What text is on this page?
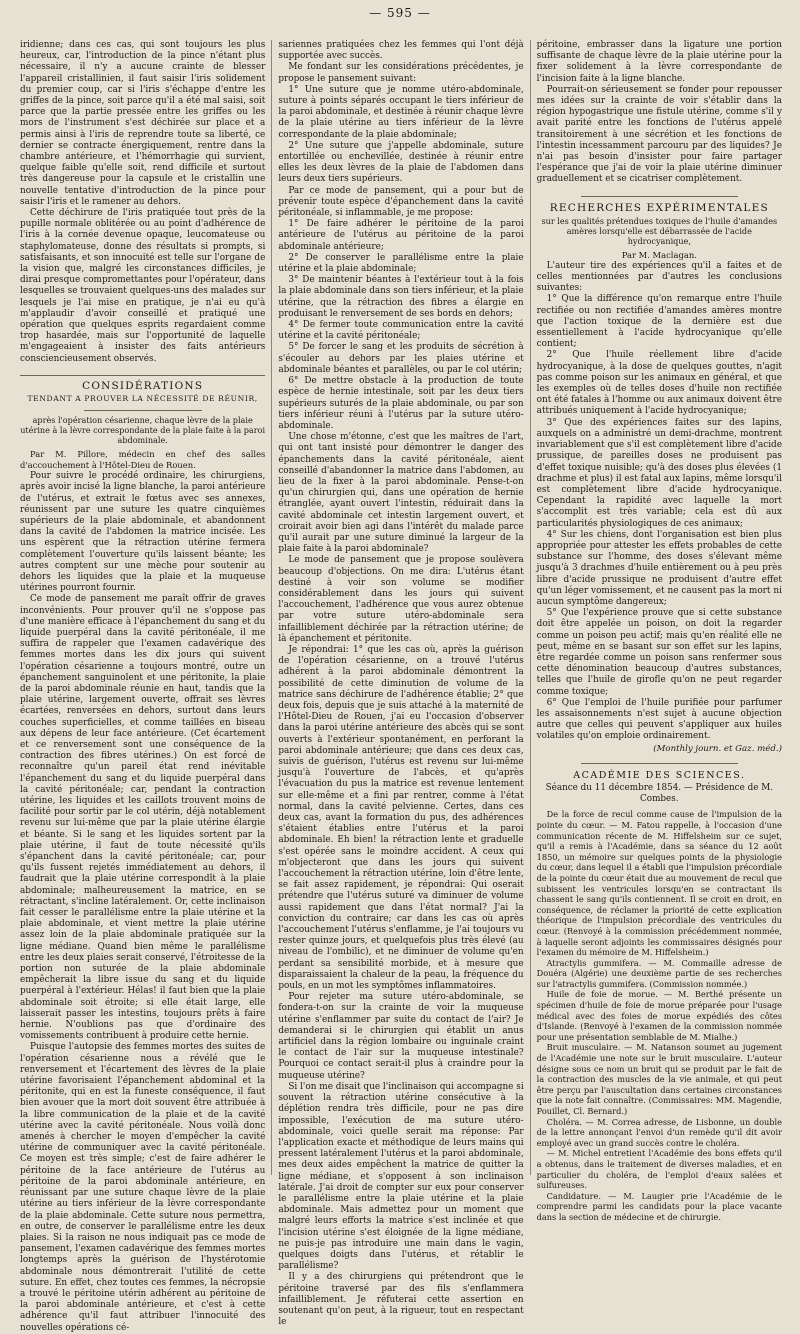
— 595 —

iridienne; dans ces cas, qui sont toujours les plus heureux, car, l'introduction de la pince n'étant plus nécessaire, il n'y a aucune crainte de blesser l'appareil cristallinien, il faut saisir l'iris solidement du premier coup, car si l'iris s'échappe d'entre les griffes de la pince, soit parce qu'il a été mal saisi, soit parce que la partie pressée entre les griffes ou les mors de l'instrument s'est déchirée sur place et a permis ainsi à l'iris de reprendre toute sa liberté, ce dernier se contracte énergiquement, rentre dans la chambre antérieure, et l'hémorrhagie qui survient, quelque faible qu'elle soit, rend difficile et surtout très dangereuse pour la capsule et le cristallin une nouvelle tentative d'introduction de la pince pour saisir l'iris et le ramener au dehors.

Cette déchirure de l'iris pratiquée tout près de la pupille normale oblitérée ou au point d'adhérence de l'iris à la cornée devenue opaque, leucomateuse ou staphylomateuse, donne des résultats si prompts, si satisfaisants, et son innocuité est telle sur l'organe de la vision que, malgré les circonstances difficiles, je dirai presque compromettantes pour l'opérateur, dans lesquelles se trouvaient quelques-uns des malades sur lesquels je l'ai mise en pratique, je n'ai eu qu'à m'applaudir d'avoir conseillé et pratiqué une opération que quelques esprits regardaient comme trop hasardée, mais sur l'opportunité de laquelle m'engageaient à insister des faits antérieurs consciencieusement observés.

CONSIDÉRATIONS
TENDANT A PROUVER LA NÉCESSITÉ DE RÉUNIR,
après l'opération césarienne, chaque lèvre de la plaie utérine à la lèvre correspondante de la plaie faite à la paroi abdominale.

Par M. Pillore, médecin en chef des salles d'accouchement à l'Hôtel-Dieu de Rouen.

Pour suivre le procédé ordinaire, les chirurgiens, après avoir incisé la ligne blanche, la paroi antérieure de l'utérus, et extrait le fœtus avec ses annexes, réunissent par une suture les quatre cinquièmes supérieurs de la plaie abdominale, et abandonnent dans la cavité de l'abdomen la matrice incisée. Les uns espèrent que la rétraction utérine fermera complètement l'ouverture qu'ils laissent béante; les autres comptent sur une mèche pour soutenir au dehors les liquides que la plaie et la muqueuse utérines pourront fournir.

Ce mode de pansement me paraît offrir de graves inconvénients. Pour prouver qu'il ne s'oppose pas d'une manière efficace à l'épanchement du sang et du liquide puerpéral dans la cavité péritonéale, il me suffira de rappeler que l'examen cadavérique des femmes mortes dans les dix jours qui suivent l'opération césarienne a toujours montré, outre un épanchement sanguinolent et une péritonite, la plaie de la paroi abdominale réunie en haut, tandis que la plaie utérine, largement ouverte, offrait ses lèvres écartées, renversées en dehors, surtout dans leurs couches superficielles, et comme taillées en biseau aux dépens de leur face antérieure. (Cet écartement et ce renversement sont une conséquence de la contraction des fibres utérines.) On est forcé de reconnaître qu'un pareil état rend inévitable l'épanchement du sang et du liquide puerpéral dans la cavité péritonéale; car, pendant la contraction utérine, les liquides et les caillots trouvent moins de facilité pour sortir par le col utérin, déjà notablement revenu sur lui-même que par la plaie utérine élargie et béante. Si le sang et les liquides sortent par la plaie utérine, il faut de toute nécessité qu'ils s'épanchent dans la cavité péritonéale; car, pour qu'ils fussent rejetés immédiatement au dehors, il faudrait que la plaie utérine correspondît à la plaie abdominale; malheureusement la matrice, en se rétractant, s'incline latéralement. Or, cette inclinaison fait cesser le parallélisme entre la plaie utérine et la plaie abdominale, et vient mettre la plaie utérine assez loin de la plaie abdominale pratiquée sur la ligne médiane. Quand bien même le parallélisme entre les deux plaies serait conservé, l'étroitesse de la portion non suturée de la plaie abdominale empêcherait la libre issue du sang et du liquide puerpéral à l'extérieur. Hélas! il faut bien que la plaie abdominale soit étroite; si elle était large, elle laisserait passer les intestins, toujours prêts à faire hernie. N'oublions pas que d'ordinaire des vomissements contribuent à produire cette hernie.

Puisque l'autopsie des femmes mortes des suites de l'opération césarienne nous a révélé que le renversement et l'écartement des lèvres de la plaie utérine favorisaient l'épanchement abdominal et la péritonite, qui en est la funeste conséquence, il faut bien avouer que la mort doit souvent être attribuée à la libre communication de la plaie et de la cavité utérine avec la cavité péritonéale. Nous voilà donc amenés à chercher le moyen d'empêcher la cavité utérine de communiquer avec la cavité péritonéale. Ce moyen est très simple; c'est de faire adhérer le péritoine de la face antérieure de l'utérus au péritoine de la paroi abdominale antérieure, en réunissant par une suture chaque lèvre de la plaie utérine au tiers inférieur de la lèvre correspondante de la plaie abdominale. Cette suture nous permettra, en outre, de conserver le parallélisme entre les deux plaies. Si la raison ne nous indiquait pas ce mode de pansement, l'examen cadavérique des femmes mortes longtemps après la guérison de l'hystérotomie abdominale nous démontrerait l'utilité de cette suture. En effet, chez toutes ces femmes, la nécropsie a trouvé le péritoine utérin adhérent au péritoine de la paroi abdominale antérieure, et c'est à cette adhérence qu'il faut attribuer l'innocuité des nouvelles opérations cé-

sariennes pratiquées chez les femmes qui l'ont déjà supportée avec succès.

Me fondant sur les considérations précédentes, je propose le pansement suivant:

1° Une suture que je nomme utéro-abdominale, suture à points séparés occupant le tiers inférieur de la paroi abdominale, et destinée à réunir chaque lèvre de la plaie utérine au tiers inférieur de la lèvre correspondante de la plaie abdominale;

2° Une suture que j'appelle abdominale, suture entortillée ou enchevillée, destinée à réunir entre elles les deux lèvres de la plaie de l'abdomen dans leurs deux tiers supérieurs.

Par ce mode de pansement, qui a pour but de prévenir toute espèce d'épanchement dans la cavité péritonéale, si inflammable, je me propose:

1° De faire adhérer le péritoine de la paroi antérieure de l'utérus au péritoine de la paroi abdominale antérieure;

2° De conserver le parallélisme entre la plaie utérine et la plaie abdominale;

3° De maintenir béantes à l'extérieur tout à la fois la plaie abdominale dans son tiers inférieur, et la plaie utérine, que la rétraction des fibres a élargie en produisant le renversement de ses bords en dehors;

4° De fermer toute communication entre la cavité utérine et la cavité péritonéale;

5° De forcer le sang et les produits de sécrétion à s'écouler au dehors par les plaies utérine et abdominale béantes et parallèles, ou par le col utérin;

6° De mettre obstacle à la production de toute espèce de hernie intestinale, soit par les deux tiers supérieurs suturés de la plaie abdominale, ou par son tiers inférieur réuni à l'utérus par la suture utéro-abdominale.

Une chose m'étonne, c'est que les maîtres de l'art, qui ont tant insisté pour démontrer le danger des épanchements dans la cavité péritonéale, aient conseillé d'abandonner la matrice dans l'abdomen, au lieu de la fixer à la paroi abdominale. Pense-t-on qu'un chirurgien qui, dans une opération de hernie étranglée, ayant ouvert l'intestin, réduirait dans la cavité abdominale cet intestin largement ouvert, et croirait avoir bien agi dans l'intérêt du malade parce qu'il aurait par une suture diminué la largeur de la plaie faite à la paroi abdominale?

Le mode de pansement que je propose soulèvera beaucoup d'objections. On me dira: L'utérus étant destiné à voir son volume se modifier considérablement dans les jours qui suivent l'accouchement, l'adhérence que vous aurez obtenue par votre suture utéro-abdominale sera infailliblement déchirée par la rétraction utérine; de là épanchement et péritonite.

Je répondrai: 1° que les cas où, après la guérison de l'opération césarienne, on a trouvé l'utérus adhérent à la paroi abdominale démontrent la possibilité de cette diminution de volume de la matrice sans déchirure de l'adhérence établie; 2° que deux fois, depuis que je suis attaché à la maternité de l'Hôtel-Dieu de Rouen, j'ai eu l'occasion d'observer dans la paroi utérine antérieure des abcès qui se sont ouverts à l'extérieur spontanément, en perforant la paroi abdominale antérieure; que dans ces deux cas, suivis de guérison, l'utérus est revenu sur lui-même jusqu'à l'ouverture de l'abcès, et qu'après l'évacuation du pus la matrice est revenue lentement sur elle-même et a fini par rentrer, comme à l'état normal, dans la cavité pelvienne. Certes, dans ces deux cas, avant la formation du pus, des adhérences s'étaient établies entre l'utérus et la paroi abdominale. Eh bien! la rétraction lente et graduelle s'est opérée sans le moindre accident. A ceux qui m'objecteront que dans les jours qui suivent l'accouchement la rétraction utérine, loin d'être lente, se fait assez rapidement, je répondrai: Qui oserait prétendre que l'utérus suturé va diminuer de volume aussi rapidement que dans l'état normal? J'ai la conviction du contraire; car dans les cas où après l'accouchement l'utérus s'enflamme, je l'ai toujours vu rester quinze jours, et quelquefois plus très élevé (au niveau de l'ombilic), et ne diminuer de volume qu'en perdant sa sensibilité morbide, et à mesure que disparaissaient la chaleur de la peau, la fréquence du pouls, en un mot les symptômes inflammatoires.

Pour rejeter ma suture utéro-abdominale, se fondera-t-on sur la crainte de voir la muqueuse utérine s'enflammer par suite du contact de l'air? Je demanderai si le chirurgien qui établit un anus artificiel dans la région lombaire ou inguinale craint le contact de l'air sur la muqueuse intestinale? Pourquoi ce contact serait-il plus à craindre pour la muqueuse utérine?

Si l'on me disait que l'inclinaison qui accompagne si souvent la rétraction utérine consécutive à la déplétion rendra très difficile, pour ne pas dire impossible, l'exécution de ma suture utéro-abdominale, voici quelle serait ma réponse: Par l'application exacte et méthodique de leurs mains qui pressent latéralement l'utérus et la paroi abdominale, mes deux aides empêchent la matrice de quitter la ligne médiane, et s'opposent à son inclinaison latérale. J'ai droit de compter sur eux pour conserver le parallélisme entre la plaie utérine et la plaie abdominale. Mais admettez pour un moment que malgré leurs efforts la matrice s'est inclinée et que l'incision utérine s'est éloignée de la ligne médiane, ne puis-je pas introduire une main dans le vagin, quelques doigts dans l'utérus, et rétablir le parallélisme?

Il y a des chirurgiens qui prétendront que le péritoine traversé par des fils s'enflammera infailliblement. Je réfuterai cette assertion en soutenant qu'on peut, à la rigueur, tout en respectant le

péritoine, embrasser dans la ligature une portion suffisante de chaque lèvre de la plaie utérine pour la fixer solidement à la lèvre correspondante de l'incision faite à la ligne blanche.

Pourrait-on sérieusement se fonder pour repousser mes idées sur la crainte de voir s'établir dans la région hypogastrique une fistule utérine, comme s'il y avait parité entre les fonctions de l'utérus appelé transitoirement à une sécrétion et les fonctions de l'intestin incessamment parcouru par des liquides? Je n'ai pas besoin d'insister pour faire partager l'espérance que j'ai de voir la plaie utérine diminuer graduellement et se cicatriser complètement.

RECHERCHES EXPÉRIMENTALES
sur les qualités prétendues toxiques de l'huile d'amandes amères lorsqu'elle est débarrassée de l'acide hydrocyanique,

Par M. Maclagan.

L'auteur tire des expériences qu'il a faites et de celles mentionnées par d'autres les conclusions suivantes:

1° Que la différence qu'on remarque entre l'huile rectifiée ou non rectifiée d'amandes amères montre que l'action toxique de la dernière est due essentiellement à l'acide hydrocyanique qu'elle contient;

2° Que l'huile réellement libre d'acide hydrocyanique, à la dose de quelques gouttes, n'agit pas comme poison sur les animaux en général, et que les exemples où de telles doses d'huile non rectifiée ont été fatales à l'homme ou aux animaux doivent être attribués uniquement à l'acide hydrocyanique;

3° Que des expériences faites sur des lapins, auxquels on a administré un demi-drachme, montrent invariablement que s'il est complètement libre d'acide prussique, de pareilles doses ne produisent pas d'effet toxique nuisible; qu'à des doses plus élevées (1 drachme et plus) il est fatal aux lapins, même lorsqu'il est complètement libre d'acide hydrocyanique. Cependant la rapidité avec laquelle la mort s'accomplit est très variable; cela est dû aux particularités physiologiques de ces animaux;

4° Sur les chiens, dont l'organisation est bien plus appropriée pour attester les effets probables de cette substance sur l'homme, des doses s'élevant même jusqu'à 3 drachmes d'huile entièrement ou à peu près libre d'acide prussique ne produisent d'autre effet qu'un léger vomissement, et ne causent pas la mort ni aucun symptôme dangereux;

5° Que l'expérience prouve que si cette substance doit être appelée un poison, on doit la regarder comme un poison peu actif; mais qu'en réalité elle ne peut, même en se basant sur son effet sur les lapins, être regardée comme un poison sans renfermer sous cette dénomination beaucoup d'autres substances, telles que l'huile de girofle qu'on ne peut regarder comme toxique;

6° Que l'emploi de l'huile purifiée pour parfumer les assaisonnements n'est sujet à aucune objection autre que celles qui peuvent s'appliquer aux huiles volatiles qu'on emploie ordinairement.

(Monthly journ. et Gaz. méd.)
ACADÉMIE DES SCIENCES.
Séance du 11 décembre 1854. — Présidence de M. Combes.

De la force de recul comme cause de l'impulsion de la pointe du cœur. — M. Fatou rappelle, à l'occasion d'une communication récente de M. Hiffelsheim sur ce sujet, qu'il a remis à l'Académie, dans sa séance du 12 août 1850, un mémoire sur quelques points de la physiologie du cœur, dans lequel il a établi que l'impulsion précordiale de la pointe du cœur était due au mouvement de recul que subissent les ventricules lorsqu'en se contractant ils chassent le sang qu'ils contiennent. Il se croit en droit, en conséquence, de réclamer la priorité de cette explication théorique de l'impulsion précordiale des ventricules du cœur. (Renvoyé à la commission précédemment nommée, à laquelle seront adjoints les commissaires désignés pour l'examen du mémoire de M. Hiffelsheim.)

Atractylis gummifera. — M. Commaille adresse de Douéra (Algérie) une deuxième partie de ses recherches sur l'atractylis gummifera. (Commission nommée.)

Huile de foie de morue. — M. Berthé présente un spécimen d'huile de foie de morue préparée pour l'usage médical avec des foies de morue expédiés des côtes d'Islande. (Renvoyé à l'examen de la commission nommée pour une présentation semblable de M. Mialhe.)

Bruit musculaire. — M. Natanson soumet au jugement de l'Académie une note sur le bruit musculaire. L'auteur désigne sous ce nom un bruit qui se produit par le fait de la contraction des muscles de la vie animale, et qui peut être perçu par l'auscultation dans certaines circonstances que la note fait connaître. (Commissaires: MM. Magendie, Pouillet, Cl. Bernard.)

Choléra. — M. Correa adresse, de Lisbonne, un double de la lettre annonçant l'envoi d'un remède qu'il dit avoir employé avec un grand succès contre le choléra.

— M. Michel entretient l'Académie des bons effets qu'il a obtenus, dans le traitement de diverses maladies, et en particulier du choléra, de l'emploi d'eaux salées et sulfureuses.

Candidature. — M. Laugier prie l'Académie de le comprendre parmi les candidats pour la place vacante dans la section de médecine et de chirurgie.
